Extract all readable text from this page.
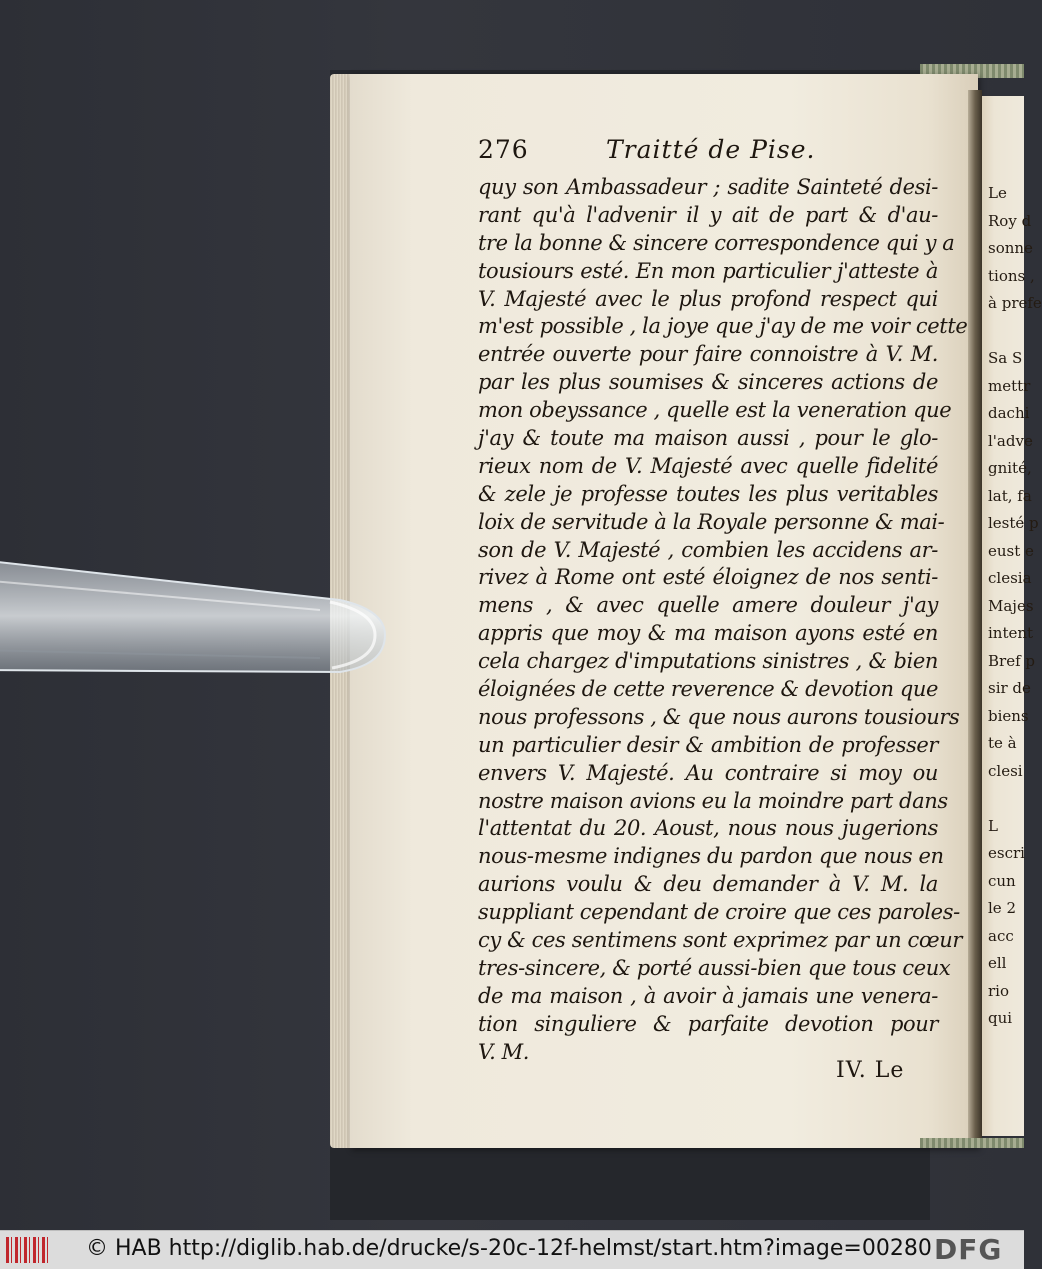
Le
Roy d
sonne
tions ,
à prefe
Sa S
mettr
dachi
l'adve
gnité,
lat, fa
lesté p
eust e
clesia
Majes
intent
Bref p
sir de
biens
te à
clesi
L
escri
cun
le 2
acc
ell
rio
qui
276	Traitté de Pise.
quy son Ambassadeur ; sadite Sainteté desi-
rant qu'à l'advenir il y ait de part & d'au-
tre la bonne & sincere correspondence qui y a
tousiours esté. En mon particulier j'atteste à
V. Majesté avec le plus profond respect qui
m'est possible , la joye que j'ay de me voir cette
entrée ouverte pour faire connoistre à V. M.
par les plus soumises & sinceres actions de
mon obeyssance , quelle est la veneration que
j'ay & toute ma maison aussi , pour le glo-
rieux nom de V. Majesté avec quelle fidelité
& zele je professe toutes les plus veritables
loix de servitude à la Royale personne & mai-
son de V. Majesté , combien les accidens ar-
rivez à Rome ont esté éloignez de nos senti-
mens , & avec quelle amere douleur j'ay
appris que moy & ma maison ayons esté en
cela chargez d'imputations sinistres , & bien
éloignées de cette reverence & devotion que
nous professons , & que nous aurons tousiours
un particulier desir & ambition de professer
envers V. Majesté. Au contraire si moy ou
nostre maison avions eu la moindre part dans
l'attentat du 20. Aoust, nous nous jugerions
nous-mesme indignes du pardon que nous en
aurions voulu & deu demander à V. M. la
suppliant cependant de croire que ces paroles-
cy & ces sentimens sont exprimez par un cœur
tres-sincere, & porté aussi-bien que tous ceux
de ma maison , à avoir à jamais une venera-
tion singuliere & parfaite devotion pour
V. M.
IV. Le
© HAB http://diglib.hab.de/drucke/s-20c-12f-helmst/start.htm?image=00280 DFG
